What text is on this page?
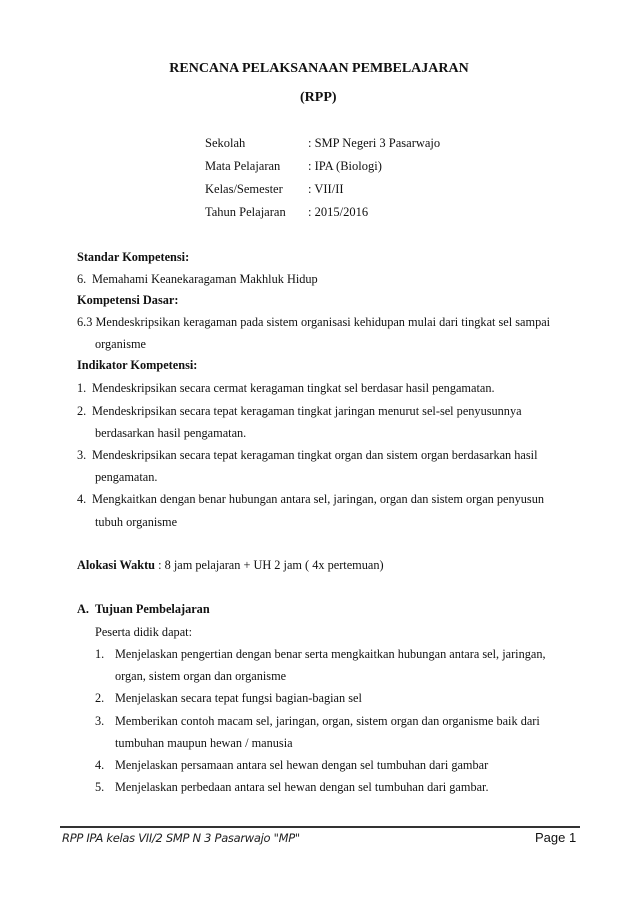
RENCANA PELAKSANAAN PEMBELAJARAN
(RPP)
Sekolah	: SMP Negeri 3 Pasarwajo
Mata Pelajaran : IPA (Biologi)
Kelas/Semester : VII/II
Tahun Pelajaran : 2015/2016
Standar Kompetensi:
6. Memahami Keanekaragaman Makhluk Hidup
Kompetensi Dasar:
6.3 Mendeskripsikan keragaman pada sistem organisasi kehidupan mulai dari tingkat sel sampai
organisme
Indikator Kompetensi:
1. Mendeskripsikan secara cermat keragaman tingkat sel berdasar hasil pengamatan.
2. Mendeskripsikan secara tepat keragaman tingkat jaringan menurut sel-sel penyusunnya
berdasarkan hasil pengamatan.
3. Mendeskripsikan secara tepat keragaman tingkat organ dan sistem organ berdasarkan hasil
pengamatan.
4. Mengkaitkan dengan benar hubungan antara sel, jaringan, organ dan sistem organ penyusun
tubuh organisme
Alokasi Waktu : 8 jam pelajaran + UH 2 jam ( 4x pertemuan)
A. Tujuan Pembelajaran
Peserta didik dapat:
1. Menjelaskan pengertian dengan benar serta mengkaitkan hubungan antara sel, jaringan,
organ, sistem organ dan organisme
2. Menjelaskan secara tepat fungsi bagian-bagian sel
3. Memberikan contoh macam sel, jaringan, organ, sistem organ dan organisme baik dari
tumbuhan maupun hewan / manusia
4. Menjelaskan persamaan antara sel hewan dengan sel tumbuhan dari gambar
5. Menjelaskan perbedaan antara sel hewan dengan sel tumbuhan dari gambar.
RPP IPA kelas VII/2 SMP N 3 Pasarwajo "MP"	Page 1
